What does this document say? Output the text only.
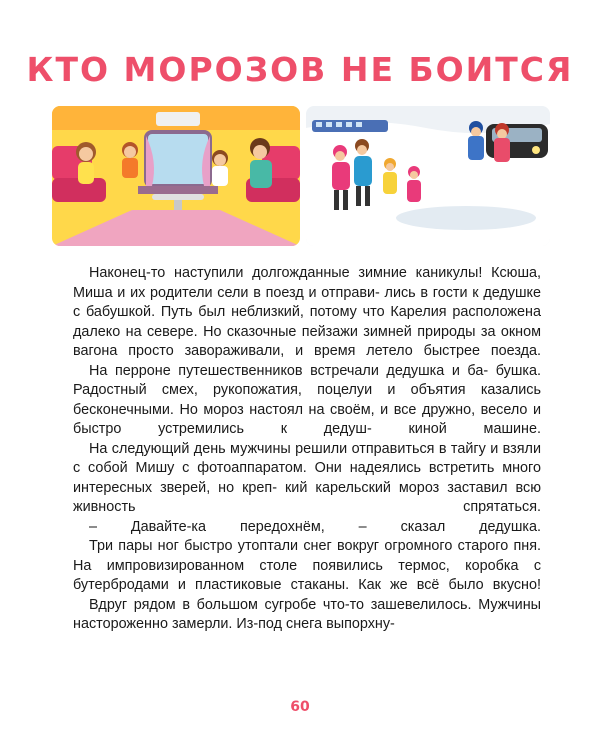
КТО МОРОЗОВ НЕ БОИТСЯ

Наконец-то наступили долгожданные зимние каникулы! Ксюша, Миша и их родители сели в поезд и отправи- лись в гости к дедушке с бабушкой. Путь был неблизкий, потому что Карелия расположена далеко на севере. Но сказочные пейзажи зимней природы за окном вагона просто завораживали, и время летело быстрее поезда.

На перроне путешественников встречали дедушка и ба- бушка. Радостный смех, рукопожатия, поцелуи и объятия казались бесконечными. Но мороз настоял на своём, и все дружно, весело и быстро устремились к дедуш-	киной машине.

На следующий день мужчины решили отправиться в тайгу и взяли с собой Мишу с фотоаппаратом. Они надеялись встретить много интересных зверей, но креп- кий карельский мороз заставил всю живность спрятаться.

– Давайте-ка передохнём, – сказал дедушка.

Три пары ног быстро утоптали снег вокруг огромного старого пня. На импровизированном столе появились термос, коробка с бутербродами и пластиковые стаканы. Как же всё было вкусно!

Вдруг рядом в большом сугробе что-то зашевелилось. Мужчины настороженно замерли. Из-под снега выпорхну-

60
